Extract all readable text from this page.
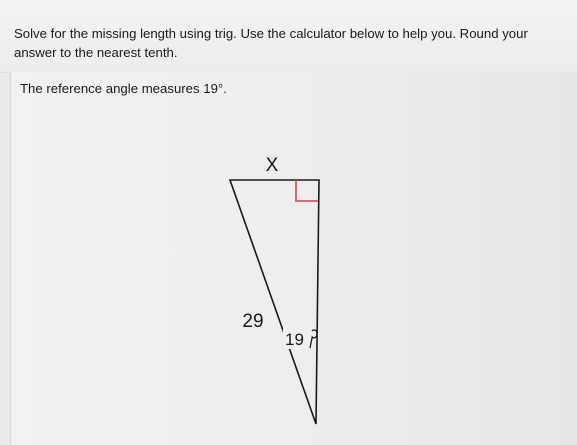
Solve for the missing length using trig. Use the calculator below to help you. Round your answer to the nearest tenth.

The reference angle measures 19°.

X
29
19
